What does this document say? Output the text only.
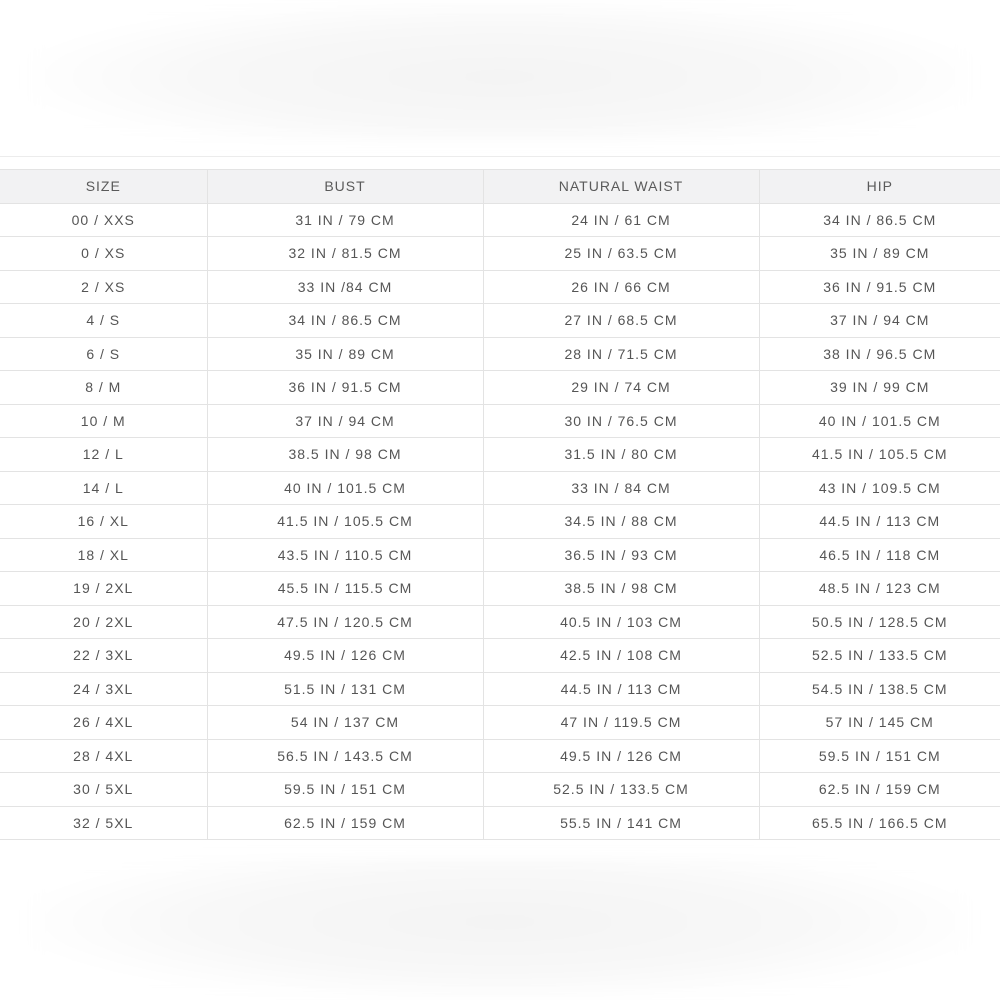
SIZE	BUST	NATURAL WAIST	HIP
00 / XXS	31 IN / 79 CM	24 IN / 61 CM	34 IN / 86.5 CM
0 / XS	32 IN / 81.5 CM	25 IN / 63.5 CM	35 IN / 89 CM
2 / XS	33 IN /84 CM	26 IN / 66 CM	36 IN / 91.5 CM
4 / S	34 IN / 86.5 CM	27 IN / 68.5 CM	37 IN / 94 CM
6 / S	35 IN / 89 CM	28 IN / 71.5 CM	38 IN / 96.5 CM
8 / M	36 IN / 91.5 CM	29 IN / 74 CM	39 IN / 99 CM
10 / M	37 IN / 94 CM	30 IN / 76.5 CM	40 IN / 101.5 CM
12 / L	38.5 IN / 98 CM	31.5 IN / 80 CM	41.5 IN / 105.5 CM
14 / L	40 IN / 101.5 CM	33 IN / 84 CM	43 IN / 109.5 CM
16 / XL	41.5 IN / 105.5 CM	34.5 IN / 88 CM	44.5 IN / 113 CM
18 / XL	43.5 IN / 110.5 CM	36.5 IN / 93 CM	46.5 IN / 118 CM
19 / 2XL	45.5 IN / 115.5 CM	38.5 IN / 98 CM	48.5 IN / 123 CM
20 / 2XL	47.5 IN / 120.5 CM	40.5 IN / 103 CM	50.5 IN / 128.5 CM
22 / 3XL	49.5 IN / 126 CM	42.5 IN / 108 CM	52.5 IN / 133.5 CM
24 / 3XL	51.5 IN / 131 CM	44.5 IN / 113 CM	54.5 IN / 138.5 CM
26 / 4XL	54 IN / 137 CM	47 IN / 119.5 CM	57 IN / 145 CM
28 / 4XL	56.5 IN / 143.5 CM	49.5 IN / 126 CM	59.5 IN / 151 CM
30 / 5XL	59.5 IN / 151 CM	52.5 IN / 133.5 CM	62.5 IN / 159 CM
32 / 5XL	62.5 IN / 159 CM	55.5 IN / 141 CM	65.5 IN / 166.5 CM
